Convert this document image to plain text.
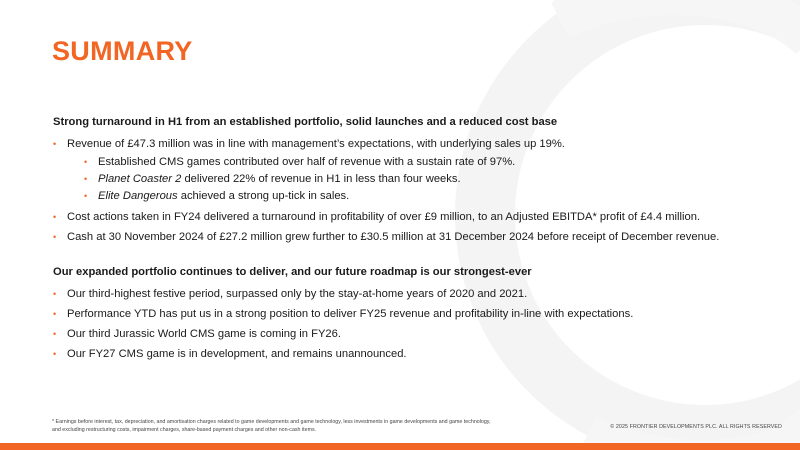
SUMMARY
Strong turnaround in H1 from an established portfolio, solid launches and a reduced cost base
• Revenue of £47.3 million was in line with management’s expectations, with underlying sales up 19%.
• Established CMS games contributed over half of revenue with a sustain rate of 97%.
• Planet Coaster 2 delivered 22% of revenue in H1 in less than four weeks.
• Elite Dangerous achieved a strong up-tick in sales.
• Cost actions taken in FY24 delivered a turnaround in profitability of over £9 million, to an Adjusted EBITDA* profit of £4.4 million.
• Cash at 30 November 2024 of £27.2 million grew further to £30.5 million at 31 December 2024 before receipt of December revenue.
Our expanded portfolio continues to deliver, and our future roadmap is our strongest-ever
• Our third-highest festive period, surpassed only by the stay-at-home years of 2020 and 2021.
• Performance YTD has put us in a strong position to deliver FY25 revenue and profitability in-line with expectations.
• Our third Jurassic World CMS game is coming in FY26.
• Our FY27 CMS game is in development, and remains unannounced.
* Earnings before interest, tax, depreciation, and amortisation charges related to game developments and game technology, less investments in game developments and game technology, and excluding restructuring costs, impairment charges, share-based payment charges and other non-cash items.	© 2025 FRONTIER DEVELOPMENTS PLC. ALL RIGHTS RESERVED
